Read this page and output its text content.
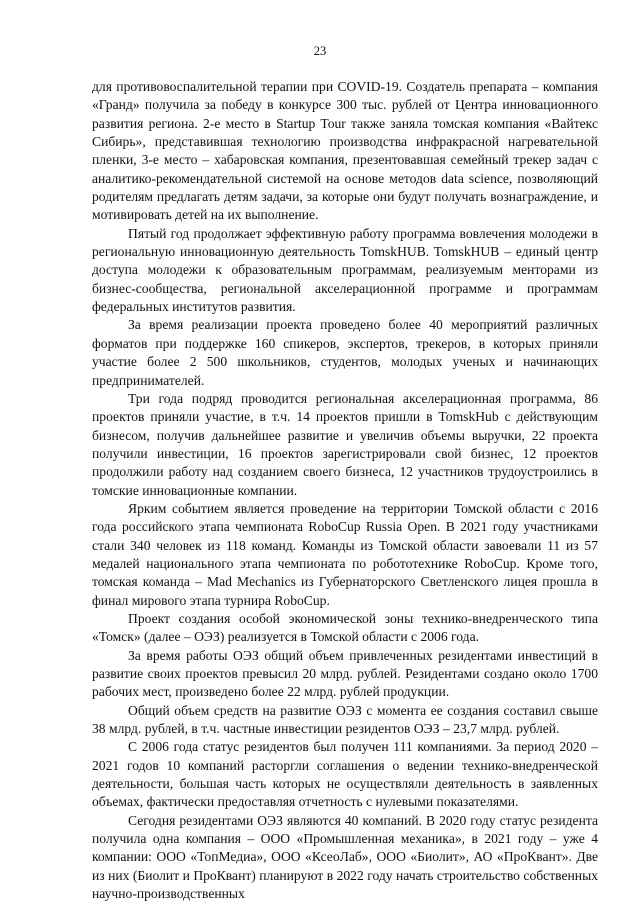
23

для противовоспалительной терапии при COVID-19. Создатель препарата – компания «Гранд» получила за победу в конкурсе 300 тыс. рублей от Центра инновационного развития региона. 2-е место в Startup Tour также заняла томская компания «Вайтекс Сибирь», представившая технологию производства инфракрасной нагревательной пленки, 3-е место – хабаровская компания, презентовавшая семейный трекер задач с аналитико-рекомендательной системой на основе методов data science, позволяющий родителям предлагать детям задачи, за которые они будут получать вознаграждение, и мотивировать детей на их выполнение.

Пятый год продолжает эффективную работу программа вовлечения молодежи в региональную инновационную деятельность TomskHUB. TomskHUB – единый центр доступа молодежи к образовательным программам, реализуемым менторами из бизнес-сообщества, региональной акселерационной программе и программам федеральных институтов развития.

За время реализации проекта проведено более 40 мероприятий различных форматов при поддержке 160 спикеров, экспертов, трекеров, в которых приняли участие более 2 500 школьников, студентов, молодых ученых и начинающих предпринимателей.

Три года подряд проводится региональная акселерационная программа, 86 проектов приняли участие, в т.ч. 14 проектов пришли в TomskHub с действующим бизнесом, получив дальнейшее развитие и увеличив объемы выручки, 22 проекта получили инвестиции, 16 проектов зарегистрировали свой бизнес, 12 проектов продолжили работу над созданием своего бизнеса, 12 участников трудоустроились в томские инновационные компании.

Ярким событием является проведение на территории Томской области с 2016 года российского этапа чемпионата RoboCup Russia Open. В 2021 году участниками стали 340 человек из 118 команд. Команды из Томской области завоевали 11 из 57 медалей национального этапа чемпионата по робототехнике RoboCup. Кроме того, томская команда – Mad Mechanics из Губернаторского Светленского лицея прошла в финал мирового этапа турнира RoboCup.

Проект создания особой экономической зоны технико-внедренческого типа «Томск» (далее – ОЭЗ) реализуется в Томской области с 2006 года.

За время работы ОЭЗ общий объем привлеченных резидентами инвестиций в развитие своих проектов превысил 20 млрд. рублей. Резидентами создано около 1700 рабочих мест, произведено более 22 млрд. рублей продукции.

Общий объем средств на развитие ОЭЗ с момента ее создания составил свыше 38 млрд. рублей, в т.ч. частные инвестиции резидентов ОЭЗ – 23,7 млрд. рублей.

С 2006 года статус резидентов был получен 111 компаниями. За период 2020 – 2021 годов 10 компаний расторгли соглашения о ведении технико-внедренческой деятельности, большая часть которых не осуществляли деятельность в заявленных объемах, фактически предоставляя отчетность с нулевыми показателями.

Сегодня резидентами ОЭЗ являются 40 компаний. В 2020 году статус резидента получила одна компания – ООО «Промышленная механика», в 2021 году – уже 4 компании: ООО «ТопМедиа», ООО «КсеоЛаб», ООО «Биолит», АО «ПроКвант». Две из них (Биолит и ПроКвант) планируют в 2022 году начать строительство собственных научно-производственных
